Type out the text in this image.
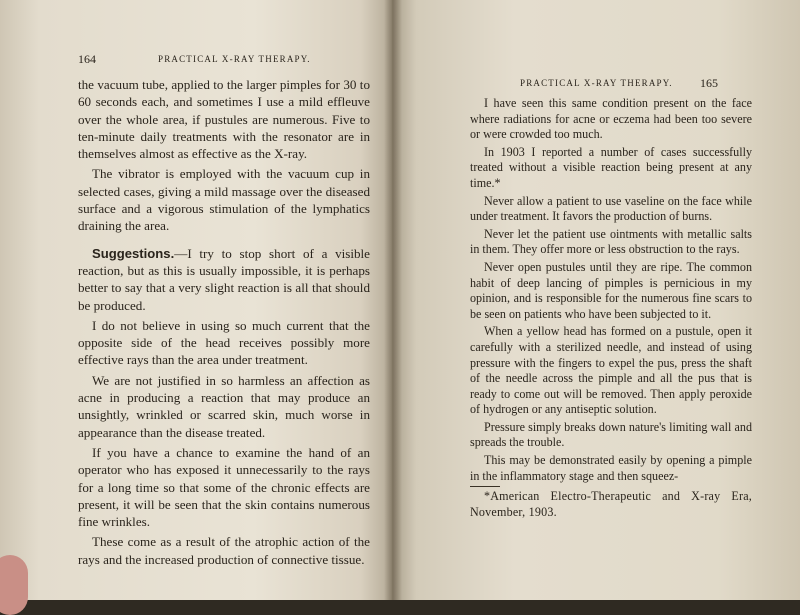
164	PRACTICAL X-RAY THERAPY.

the vacuum tube, applied to the larger pimples for 30 to 60 seconds each, and sometimes I use a mild effleuve over the whole area, if pustules are numerous. Five to ten-minute daily treatments with the resonator are in themselves almost as effective as the X-ray.

The vibrator is employed with the vacuum cup in selected cases, giving a mild massage over the diseased surface and a vigorous stimulation of the lymphatics draining the area.

Suggestions.—I try to stop short of a visible reaction, but as this is usually impossible, it is perhaps better to say that a very slight reaction is all that should be produced.

I do not believe in using so much current that the opposite side of the head receives possibly more effective rays than the area under treatment.

We are not justified in so harmless an affection as acne in producing a reaction that may produce an unsightly, wrinkled or scarred skin, much worse in appearance than the disease treated.

If you have a chance to examine the hand of an operator who has exposed it unnecessarily to the rays for a long time so that some of the chronic effects are present, it will be seen that the skin contains numerous fine wrinkles.

These come as a result of the atrophic action of the rays and the increased production of connective tissue.

PRACTICAL X-RAY THERAPY. 165

I have seen this same condition present on the face where radiations for acne or eczema had been too severe or were crowded too much.

In 1903 I reported a number of cases successfully treated without a visible reaction being present at any time.*

Never allow a patient to use vaseline on the face while under treatment. It favors the production of burns.

Never let the patient use ointments with metallic salts in them. They offer more or less obstruction to the rays.

Never open pustules until they are ripe. The common habit of deep lancing of pimples is pernicious in my opinion, and is responsible for the numerous fine scars to be seen on patients who have been subjected to it.

When a yellow head has formed on a pustule, open it carefully with a sterilized needle, and instead of using pressure with the fingers to expel the pus, press the shaft of the needle across the pimple and all the pus that is ready to come out will be removed. Then apply peroxide of hydrogen or any antiseptic solution.

Pressure simply breaks down nature's limiting wall and spreads the trouble.

This may be demonstrated easily by opening a pimple in the inflammatory stage and then squeez-

*American Electro-Therapeutic and X-ray Era, November, 1903.
